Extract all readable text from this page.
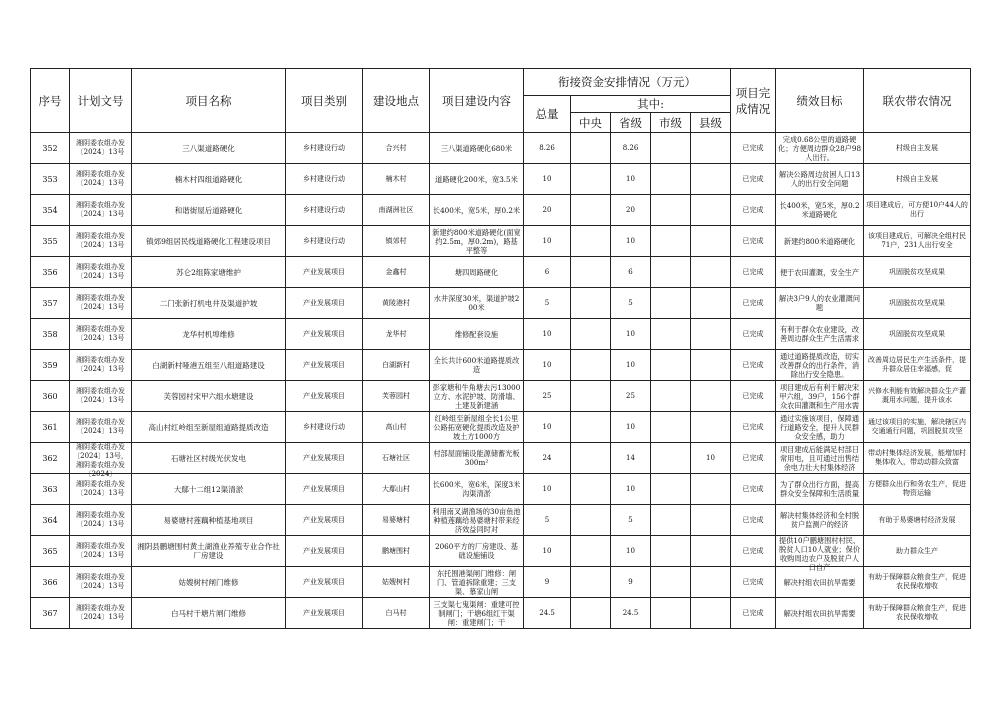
序号	计划文号	项目名称	项目类别	建设地点	项目建设内容	衔接资金安排情况（万元）					项目完成情况	绩效目标	联农带农情况
						总量	其中:						
							中央	省级	市级	县级			

352	湘阴委农组办发〔2024〕13号	三八渠道路硬化	乡村建设行动	合兴村	三八渠道路硬化680米	8.26		8.26			已完成	完成0.68公里的道路硬化；方便周边群众28户98人出行。	村级自主发展

353	湘阴委农组办发〔2024〕13号	楠木村四组道路硬化	乡村建设行动	楠木村	道路硬化200米，宽3.5米	10		10			已完成	解决公路周边贫困人口13人的出行安全问题	村级自主发展

354	湘阴委农组办发〔2024〕13号	和谐街屋后道路硬化	乡村建设行动	南湖洲社区	长400米，宽5米，厚0.2米	20		20			已完成	长400米，宽5米，厚0.2米道路硬化	项目建成后，可方便10户44人的出行

355	湘阴委农组办发〔2024〕13号	镇郊9组居民线道路硬化工程建设项目	乡村建设行动	镇郊村	新建约800米道路硬化(面宽约2.5m，厚0.2m)，路基平整等	10		10			已完成	新建约800米道路硬化	该项目建成后，可解决全组村民71户，231人出行安全

356	湘阴委农组办发〔2024〕13号	苏仑2组陈家塘维护	产业发展项目	金鑫村	塘四周路硬化	6		6			已完成	便于农田灌溉，安全生产	巩固脱贫攻坚成果

357	湘阴委农组办发〔2024〕13号	二门张新打机电井及渠道护坡	产业发展项目	黄陵港村	水井深度30米，渠道护坡200米	5		5			已完成	解决3户9人的农业灌溉问题	巩固脱贫攻坚成果

358	湘阴委农组办发〔2024〕13号	龙华村机埠维修	产业发展项目	龙华村	维修配套设施	10		10			已完成	有利于群众农业建设，改善周边群众生产生活需求	巩固脱贫攻坚成果

359	湘阴委农组办发〔2024〕13号	白湖新村哑港五组至八组道路建设	产业发展项目	白湖新村	全长共计600米道路提质改造	10		10			已完成	通过道路提质改造，切实改善群众的出行条件，消除出行安全隐患。	改善周边居民生产生活条件，提升群众居住幸福感，促

360	湘阴委农组办发〔2024〕13号	芙蓉园村宋甲六组水塘建设	产业发展项目	芙蓉园村	彭家塘和牛角塘去污13000立方、水泥护坡、防滑墙、土建及新建涵	25		25			已完成	项目建成后有利于解决宋甲六组，39户，156个群众农田灌溉和生产用水需	兴修水利能有效解决群众生产灌溉用水问题，提升该水

361	湘阴委农组办发〔2024〕13号	高山村红岭组至新屋组道路提质改造	乡村建设行动	高山村	红岭组至新屋组全长1公里公路拓宽硬化提质改造及护坡土方1000方	10		10			已完成	通过实施该项目，保障通行道路安全，提升人民群众安全感，助力	通过该项目的实施，解决辖区内交通通行问题，巩固脱贫攻坚

362	湘阴委农组办发〔2024〕13号，湘阴委农组办发〔2024〕	石塘社区村级光伏发电	产业发展项目	石塘社区	村部屋面铺设能源储蓄光板300m²	24		14		10	已完成	项目建成后能满足村部日常用电，且可通过出售结余电力壮大村集体经济	带动村集体经济发展，能增加村集体收入，带动动群众致富

363	湘阴委农组办发〔2024〕13号	大鄢十二组12渠清淤	产业发展项目	大鄢山村	长600米，宽6米，深度3米沟渠清淤	10		10			已完成	为了群众出行方面，提高群众安全保障和生活质量	方便群众出行和务农生产，促进物资运输

364	湘阴委农组办发〔2024〕13号	易婆塘村莲藕种植基地项目	产业发展项目	易婆塘村	利用南叉湖渔场的30亩鱼池种植莲藕给易婆塘村带来经济效益同时对	5		5			已完成	解决村集体经济和全村脱贫户监测户的经济	有助于易婆塘村经济发展

365	湘阴委农组办发〔2024〕13号	湘阴县鹏塘围村黄土湖渔业养殖专业合作社厂房建设	产业发展项目	鹏塘围村	2060平方的厂房建设、基础设施铺设	10		10			已完成	提供10户鹏塘围村村民、脱贫人口10人就业；保价收购周边农户及脱贫户人口自产	助力群众生产

366	湘阴委农组办发〔2024〕13号	姑嫂树村闸门维修	产业发展项目	姑嫂树村	东托围港渠闸门维修：闸门、管道拆除重建；三支渠、慕家山闸	9		9			已完成	解决村组农田抗旱需要	有助于保障群众粮食生产，促进农民保收增收

367	湘阴委农组办发〔2024〕13号	白马村干塘片闸门维修	产业发展项目	白马村	三支渠七鬼渠闸：重建可控制闸门；干塘6组红干渠闸：重建闸门；干	24.5		24.5			已完成	解决村组农田抗旱需要	有助于保障群众粮食生产，促进农民保收增收
